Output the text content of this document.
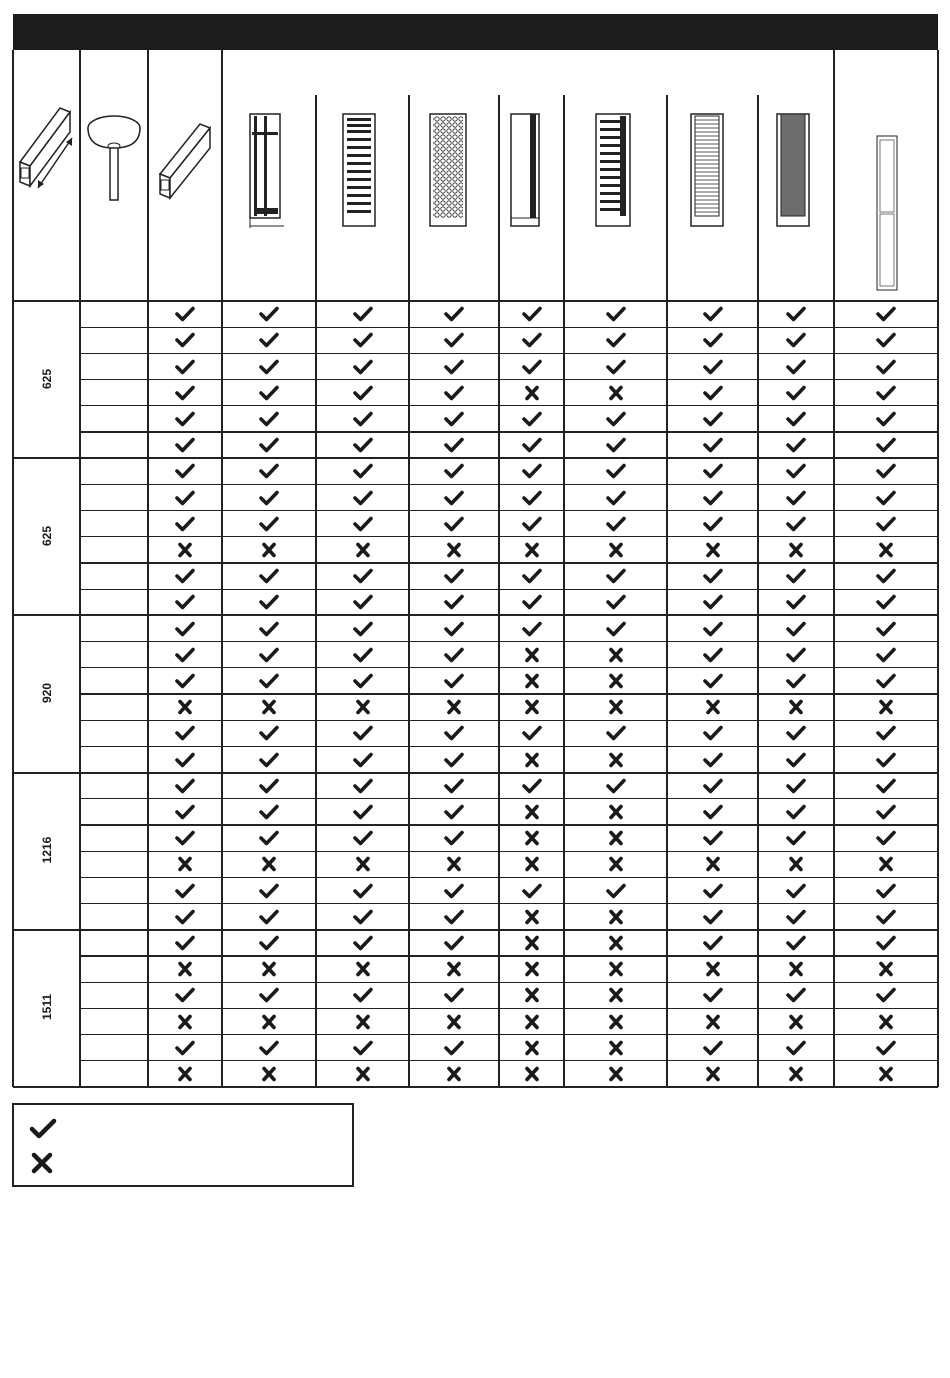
625
625
920
1216
1511
